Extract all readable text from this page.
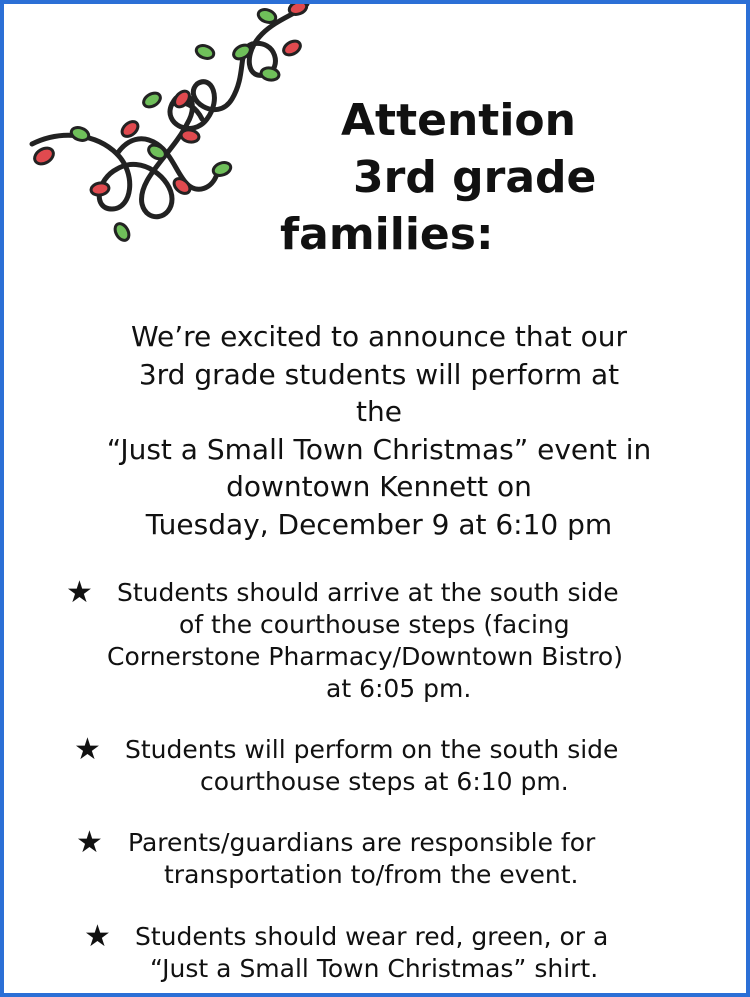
Attention
3rd grade
families:
We’re excited to announce that our
3rd grade students will perform at
the
“Just a Small Town Christmas” event in
downtown Kennett on
Tuesday, December 9 at 6:10 pm
★ Students should arrive at the south side
of the courthouse steps (facing
Cornerstone Pharmacy/Downtown Bistro)
at 6:05 pm.
★ Students will perform on the south side
courthouse steps at 6:10 pm.
★ Parents/guardians are responsible for
transportation to/from the event.
★ Students should wear red, green, or a
“Just a Small Town Christmas” shirt.
